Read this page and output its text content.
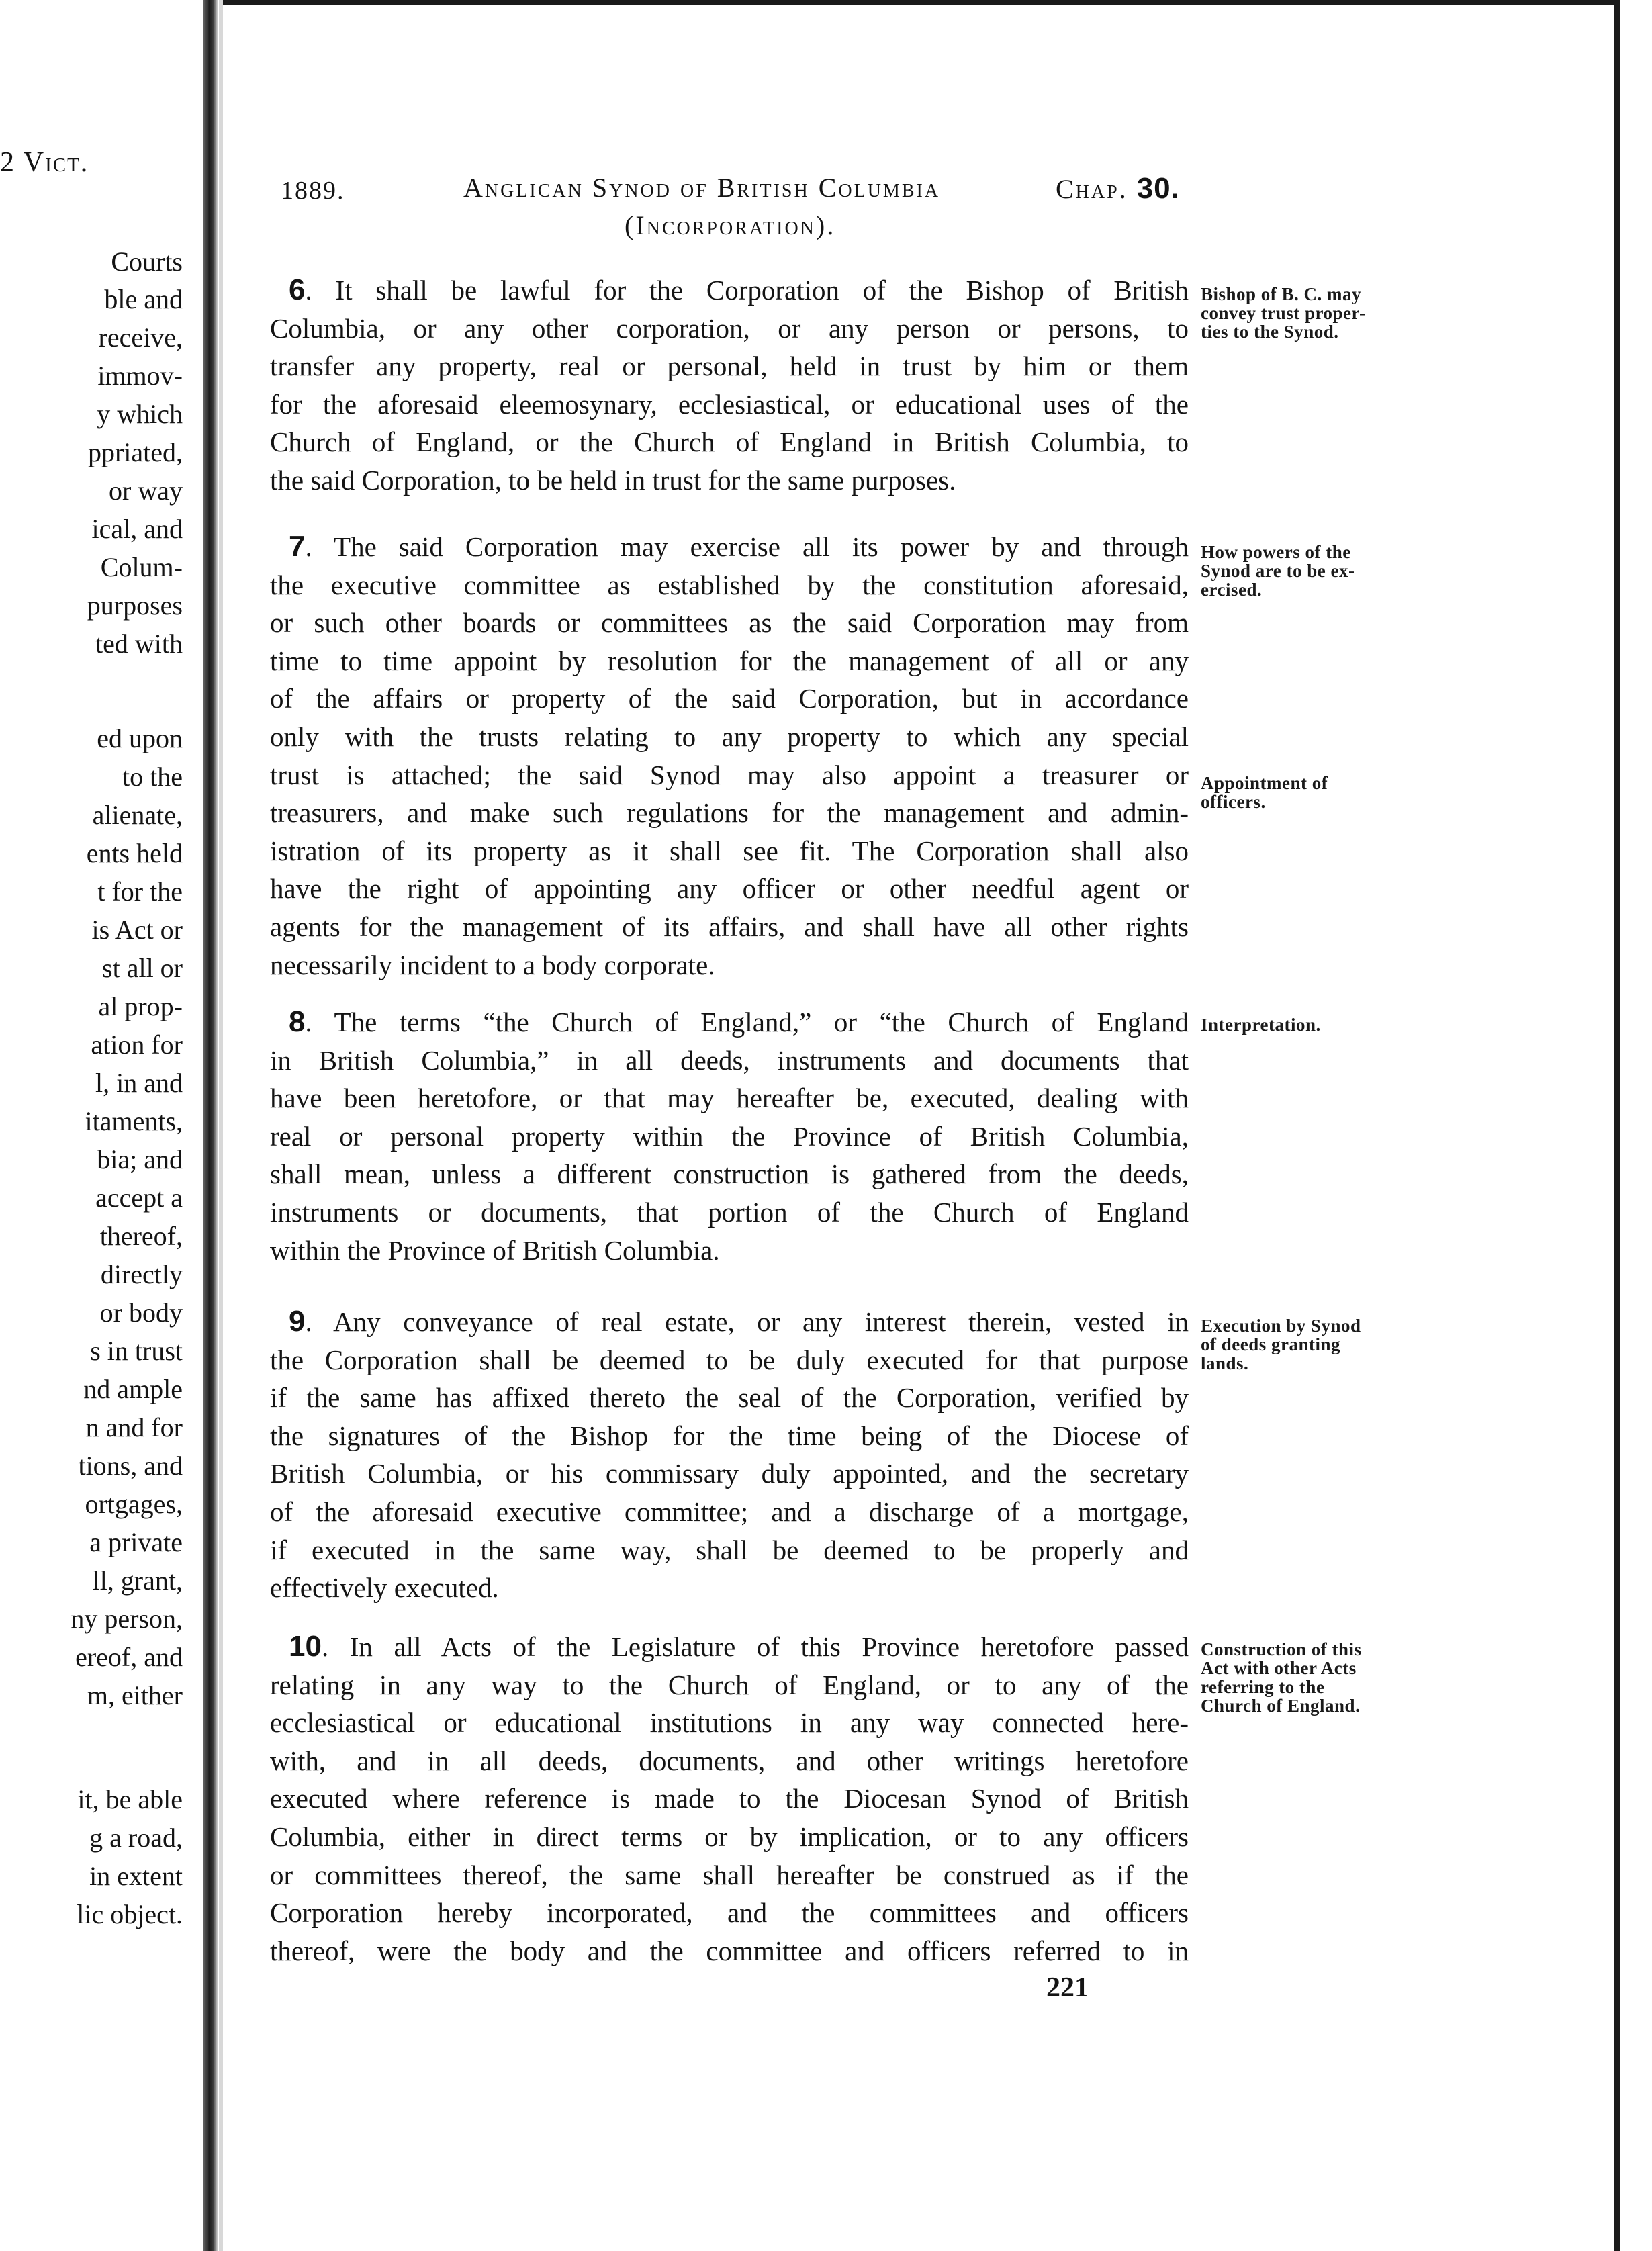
2 Vict.
Courts
ble and
receive,
immov-
y which
ppriated,
or way
ical, and
Colum-
purposes
ted with
ed upon
to the
alienate,
ents held
t for the
is Act or
st all or
al prop-
ation for
l, in and
itaments,
bia; and
accept a
thereof,
directly
or body
s in trust
nd ample
n and for
tions, and
ortgages,
a private
ll, grant,
ny person,
ereof, and
m, either
it, be able
g a road,
in extent
lic object.
1889.	Anglican Synod of British Columbia
(Incorporation).
Chap. 30.
6. It shall be lawful for the Corporation of the Bishop of British
Columbia, or any other corporation, or any person or persons, to
transfer any property, real or personal, held in trust by him or them
for the aforesaid eleemosynary, ecclesiastical, or educational uses of the
Church of England, or the Church of England in British Columbia, to
the said Corporation, to be held in trust for the same purposes.
7. The said Corporation may exercise all its power by and through
the executive committee as established by the constitution aforesaid,
or such other boards or committees as the said Corporation may from
time to time appoint by resolution for the management of all or any
of the affairs or property of the said Corporation, but in accordance
only with the trusts relating to any property to which any special
trust is attached; the said Synod may also appoint a treasurer or
treasurers, and make such regulations for the management and admin-
istration of its property as it shall see fit. The Corporation shall also
have the right of appointing any officer or other needful agent or
agents for the management of its affairs, and shall have all other rights
necessarily incident to a body corporate.
8. The terms “the Church of England,” or “the Church of England
in British Columbia,” in all deeds, instruments and documents that
have been heretofore, or that may hereafter be, executed, dealing with
real or personal property within the Province of British Columbia,
shall mean, unless a different construction is gathered from the deeds,
instruments or documents, that portion of the Church of England
within the Province of British Columbia.
9. Any conveyance of real estate, or any interest therein, vested in
the Corporation shall be deemed to be duly executed for that purpose
if the same has affixed thereto the seal of the Corporation, verified by
the signatures of the Bishop for the time being of the Diocese of
British Columbia, or his commissary duly appointed, and the secretary
of the aforesaid executive committee; and a discharge of a mortgage,
if executed in the same way, shall be deemed to be properly and
effectively executed.
10. In all Acts of the Legislature of this Province heretofore passed
relating in any way to the Church of England, or to any of the
ecclesiastical or educational institutions in any way connected here-
with, and in all deeds, documents, and other writings heretofore
executed where reference is made to the Diocesan Synod of British
Columbia, either in direct terms or by implication, or to any officers
or committees thereof, the same shall hereafter be construed as if the
Corporation hereby incorporated, and the committees and officers
thereof, were the body and the committee and officers referred to in
Bishop of B. C. may
convey trust proper-
ties to the Synod.
How powers of the
Synod are to be ex-
ercised.
Appointment of
officers.
Interpretation.
Execution by Synod
of deeds granting
lands.
Construction of this
Act with other Acts
referring to the
Church of England.
221
